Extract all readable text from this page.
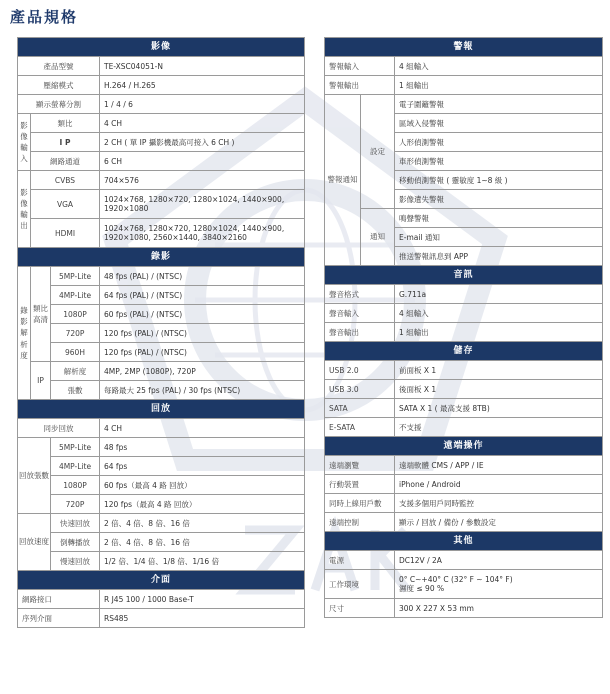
產品規格
影像			
產品型號			TE-XSC04051-N
壓縮模式			H.264 / H.265
顯示螢幕分割			1 / 4 / 6
影像輸入	類比		4 CH
	I P		2 CH ( 單 IP 攝影機最高可接入 6 CH )
	網路通道		6 CH
影像輸出	CVBS		704×576
	VGA		1024×768, 1280×720, 1280×1024, 1440×900, 1920×1080
	HDMI		1024×768, 1280×720, 1280×1024, 1440×900, 1920×1080, 2560×1440, 3840×2160
錄影			
錄影解析度	類比高清	5MP-Lite	48 fps (PAL) / (NTSC)
		4MP-Lite	64 fps (PAL) / (NTSC)
		1080P	60 fps (PAL) / (NTSC)
		720P	120 fps (PAL) / (NTSC)
		960H	120 fps (PAL) / (NTSC)
	IP	解析度	4MP, 2MP (1080P), 720P
		張數	每路最大 25 fps (PAL) / 30 fps (NTSC)
回放			
同步回放			4 CH
回放張數		5MP-Lite	48 fps
		4MP-Lite	64 fps
		1080P	60 fps（最高 4 路 回放）
		720P	120 fps（最高 4 路 回放）
回放速度		快速回放	2 倍、4 倍、8 倍、16 倍
		倒轉播放	2 倍、4 倍、8 倍、16 倍
		慢速回放	1/2 倍、1/4 倍、1/8 倍、1/16 倍
介面			
網路接口			R J45 100 / 1000 Base-T
序列介面			RS485
警報		
警報輸入		4 組輸入
警報輸出		1 組輸出
警報通知	設定	電子圍籬警報
		區域入侵警報
		人形偵測警報
		車形偵測警報
		移動偵測警報 ( 靈敏度 1~8 級 )
		影像遺失警報
	通知	鳴聲警報
		E-mail 通知
		推送警報訊息到 APP
音訊		
聲音格式		G.711a
聲音輸入		4 組輸入
聲音輸出		1 組輸出
儲存		
USB 2.0		前面板 X 1
USB 3.0		後面板 X 1
SATA		SATA X 1 ( 最高支援 8TB)
E-SATA		不支援
遠端操作		
遠端瀏覽		遠端軟體 CMS / APP / IE
行動裝置		iPhone / Android
同時上線用戶數		支援多個用戶同時監控
遠端控制		顯示 / 回放 / 備份 / 參數設定
其他		
電源		DC12V / 2A
工作環境		0° C~+40° C (32° F ~ 104° F)
濕度 ≤ 90 %

尺寸		300 X 227 X 53 mm
